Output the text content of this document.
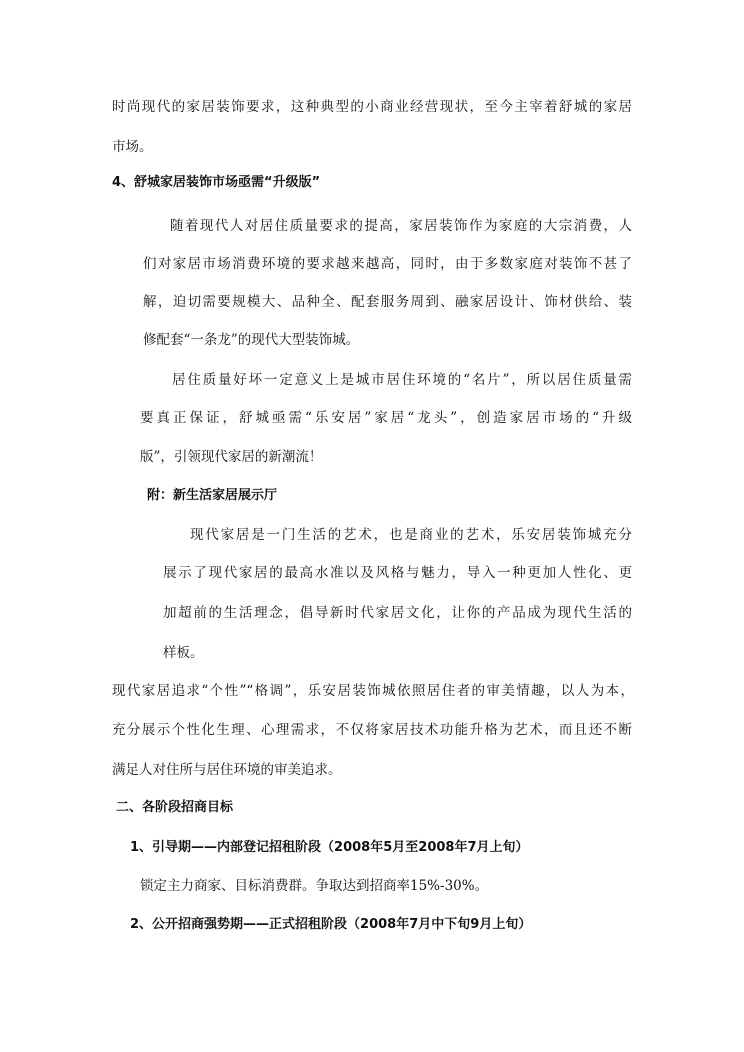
时尚现代的家居装饰要求，这种典型的小商业经营现状，至今主宰着舒城的家居
市场。
4、舒城家居装饰市场亟需“升级版”
随着现代人对居住质量要求的提高，家居装饰作为家庭的大宗消费，人
们对家居市场消费环境的要求越来越高，同时，由于多数家庭对装饰不甚了
解，迫切需要规模大、品种全、配套服务周到、融家居设计、饰材供给、装
修配套“一条龙”的现代大型装饰城。
居住质量好坏一定意义上是城市居住环境的“名片”，所以居住质量需
要真正保证，舒城亟需“乐安居”家居“龙头”，创造家居市场的“升级
版”，引领现代家居的新潮流！
附：新生活家居展示厅
现代家居是一门生活的艺术，也是商业的艺术，乐安居装饰城充分
展示了现代家居的最高水准以及风格与魅力，导入一种更加人性化、更
加超前的生活理念，倡导新时代家居文化，让你的产品成为现代生活的
样板。
现代家居追求“个性”“格调”，乐安居装饰城依照居住者的审美情趣，以人为本，
充分展示个性化生理、心理需求，不仅将家居技术功能升格为艺术，而且还不断
满足人对住所与居住环境的审美追求。
二、各阶段招商目标
1、引导期——内部登记招租阶段（2008年5月至2008年7月上旬）
锁定主力商家、目标消费群。争取达到招商率15%-30%。
2、公开招商强势期——正式招租阶段（2008年7月中下旬9月上旬）
